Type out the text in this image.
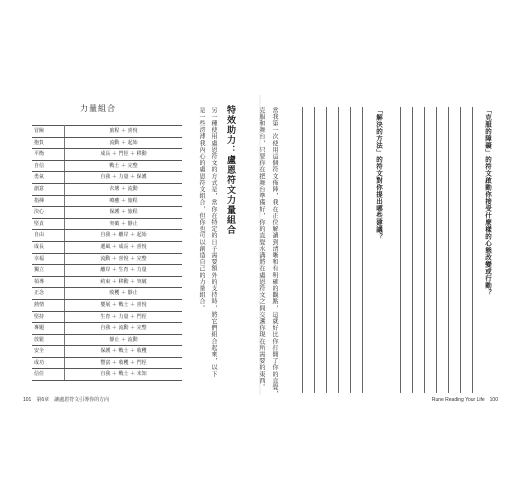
力量組合
冒險	旅程 ＋ 喜悅
抱負	流動 ＋ 起始
平衡	成長 ＋ 門徑 ＋ 移動
自信	戰士 ＋ 完整
勇氣	自我 ＋ 力量 ＋ 保護
創意	衣壞 ＋ 流動
指揮	療癒 ＋ 旅程
決心	保護 ＋ 旅程
堅貞	突破 ＋ 靜止
自由	自我 ＋ 離岸 ＋ 起始
成長	遷風 ＋ 成長 ＋ 喜悅
幸福	流動 ＋ 喜悅 ＋ 完整
獨立	離岸 ＋ 生育 ＋ 力量
領導	約束 ＋ 移動 ＋ 突破
正念	收穫 ＋ 靜止
熱情	嬰展 ＋ 戰士 ＋ 喜悅
堅持	生育 ＋ 力量 ＋ 門徑
專題	自我 ＋ 流動 ＋ 完整
放鬆	靜止 ＋ 流動
安全	保護 ＋ 戰士 ＋ 收穫
成功	豐富 ＋ 收穫 ＋ 門徑
信任	自我 ＋ 戰士 ＋ 未知
特效助力：盧恩符文力量組合
另一種使用盧恩符文的方式是，當你在特定的日子需要額外的支持時，將它們組合起來，以下
是一些滂溥我內心的盧恩符文組合，但你也可以創造自己的力量組合。	當我第一次使用這個符文佈陣，我在正位解讀到清晰和有明確的觀點，這就好比你打開了你的直覺，
克服和舞台，只要你在把舞台準備好，你的直覺水溝將在盧恩符文之間交盞你現在所需要的東西。	「解決的方法」的符文對你提出哪些建議？	「克服的障礙」的符文啟動你接受什麼樣的心態改變或行動？
101　第6章　讓盧恩符文引導你的方向	Rune Reading Your Life　100
